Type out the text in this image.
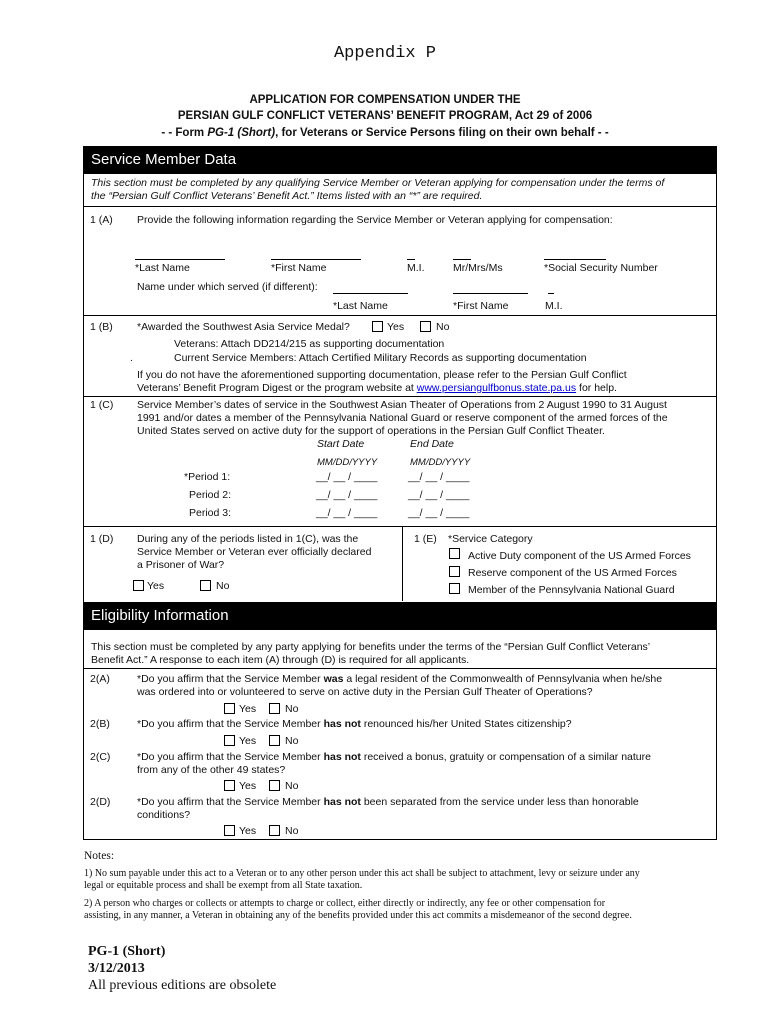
Appendix P
APPLICATION FOR COMPENSATION UNDER THE
PERSIAN GULF CONFLICT VETERANS’ BENEFIT PROGRAM, Act 29 of 2006
- - Form PG-1 (Short), for Veterans or Service Persons filing on their own behalf - -
Service Member Data
This section must be completed by any qualifying Service Member or Veteran applying for compensation under the terms of
the “Persian Gulf Conflict Veterans’ Benefit Act.” Items listed with an “*” are required.
1 (A) Provide the following information regarding the Service Member or Veteran applying for compensation:
*Last Name	*First Name	M.I.	Mr/Mrs/Ms	*Social Security Number
Name under which served (if different):
*Last Name	*First Name	M.I.
1 (B) *Awarded the Southwest Asia Service Medal?	Yes	No
Veterans: Attach DD214/215 as supporting documentation
.	Current Service Members: Attach Certified Military Records as supporting documentation
If you do not have the aforementioned supporting documentation, please refer to the Persian Gulf Conflict
Veterans’ Benefit Program Digest or the program website at www.persiangulfbonus.state.pa.us for help.
1 (C) Service Member’s dates of service in the Southwest Asian Theater of Operations from 2 August 1990 to 31 August
1991 and/or dates a member of the Pennsylvania National Guard or reserve component of the armed forces of the
United States served on active duty for the support of operations in the Persian Gulf Conflict Theater.
Start Date	End Date
MM/DD/YYYY	MM/DD/YYYY
*Period 1:	__/ __ / ____	__/ __ / ____
Period 2:	__/ __ / ____	__/ __ / ____
Period 3:	__/ __ / ____	__/ __ / ____
1 (D) During any of the periods listed in 1(C), was the
Service Member or Veteran ever officially declared
a Prisoner of War?
Yes	No
1 (E) *Service Category
Active Duty component of the US Armed Forces
Reserve component of the US Armed Forces
Member of the Pennsylvania National Guard
Eligibility Information
This section must be completed by any party applying for benefits under the terms of the “Persian Gulf Conflict Veterans’
Benefit Act.” A response to each item (A) through (D) is required for all applicants.
2(A)	*Do you affirm that the Service Member was a legal resident of the Commonwealth of Pennsylvania when he/she
was ordered into or volunteered to serve on active duty in the Persian Gulf Theater of Operations?
Yes	No
2(B)	*Do you affirm that the Service Member has not renounced his/her United States citizenship?
Yes	No
2(C)	*Do you affirm that the Service Member has not received a bonus, gratuity or compensation of a similar nature
from any of the other 49 states?
Yes	No
2(D)	*Do you affirm that the Service Member has not been separated from the service under less than honorable
conditions?
Yes	No
Notes:
1) No sum payable under this act to a Veteran or to any other person under this act shall be subject to attachment, levy or seizure under any
legal or equitable process and shall be exempt from all State taxation.
2) A person who charges or collects or attempts to charge or collect, either directly or indirectly, any fee or other compensation for
assisting, in any manner, a Veteran in obtaining any of the benefits provided under this act commits a misdemeanor of the second degree.
PG-1 (Short)
3/12/2013
All previous editions are obsolete
